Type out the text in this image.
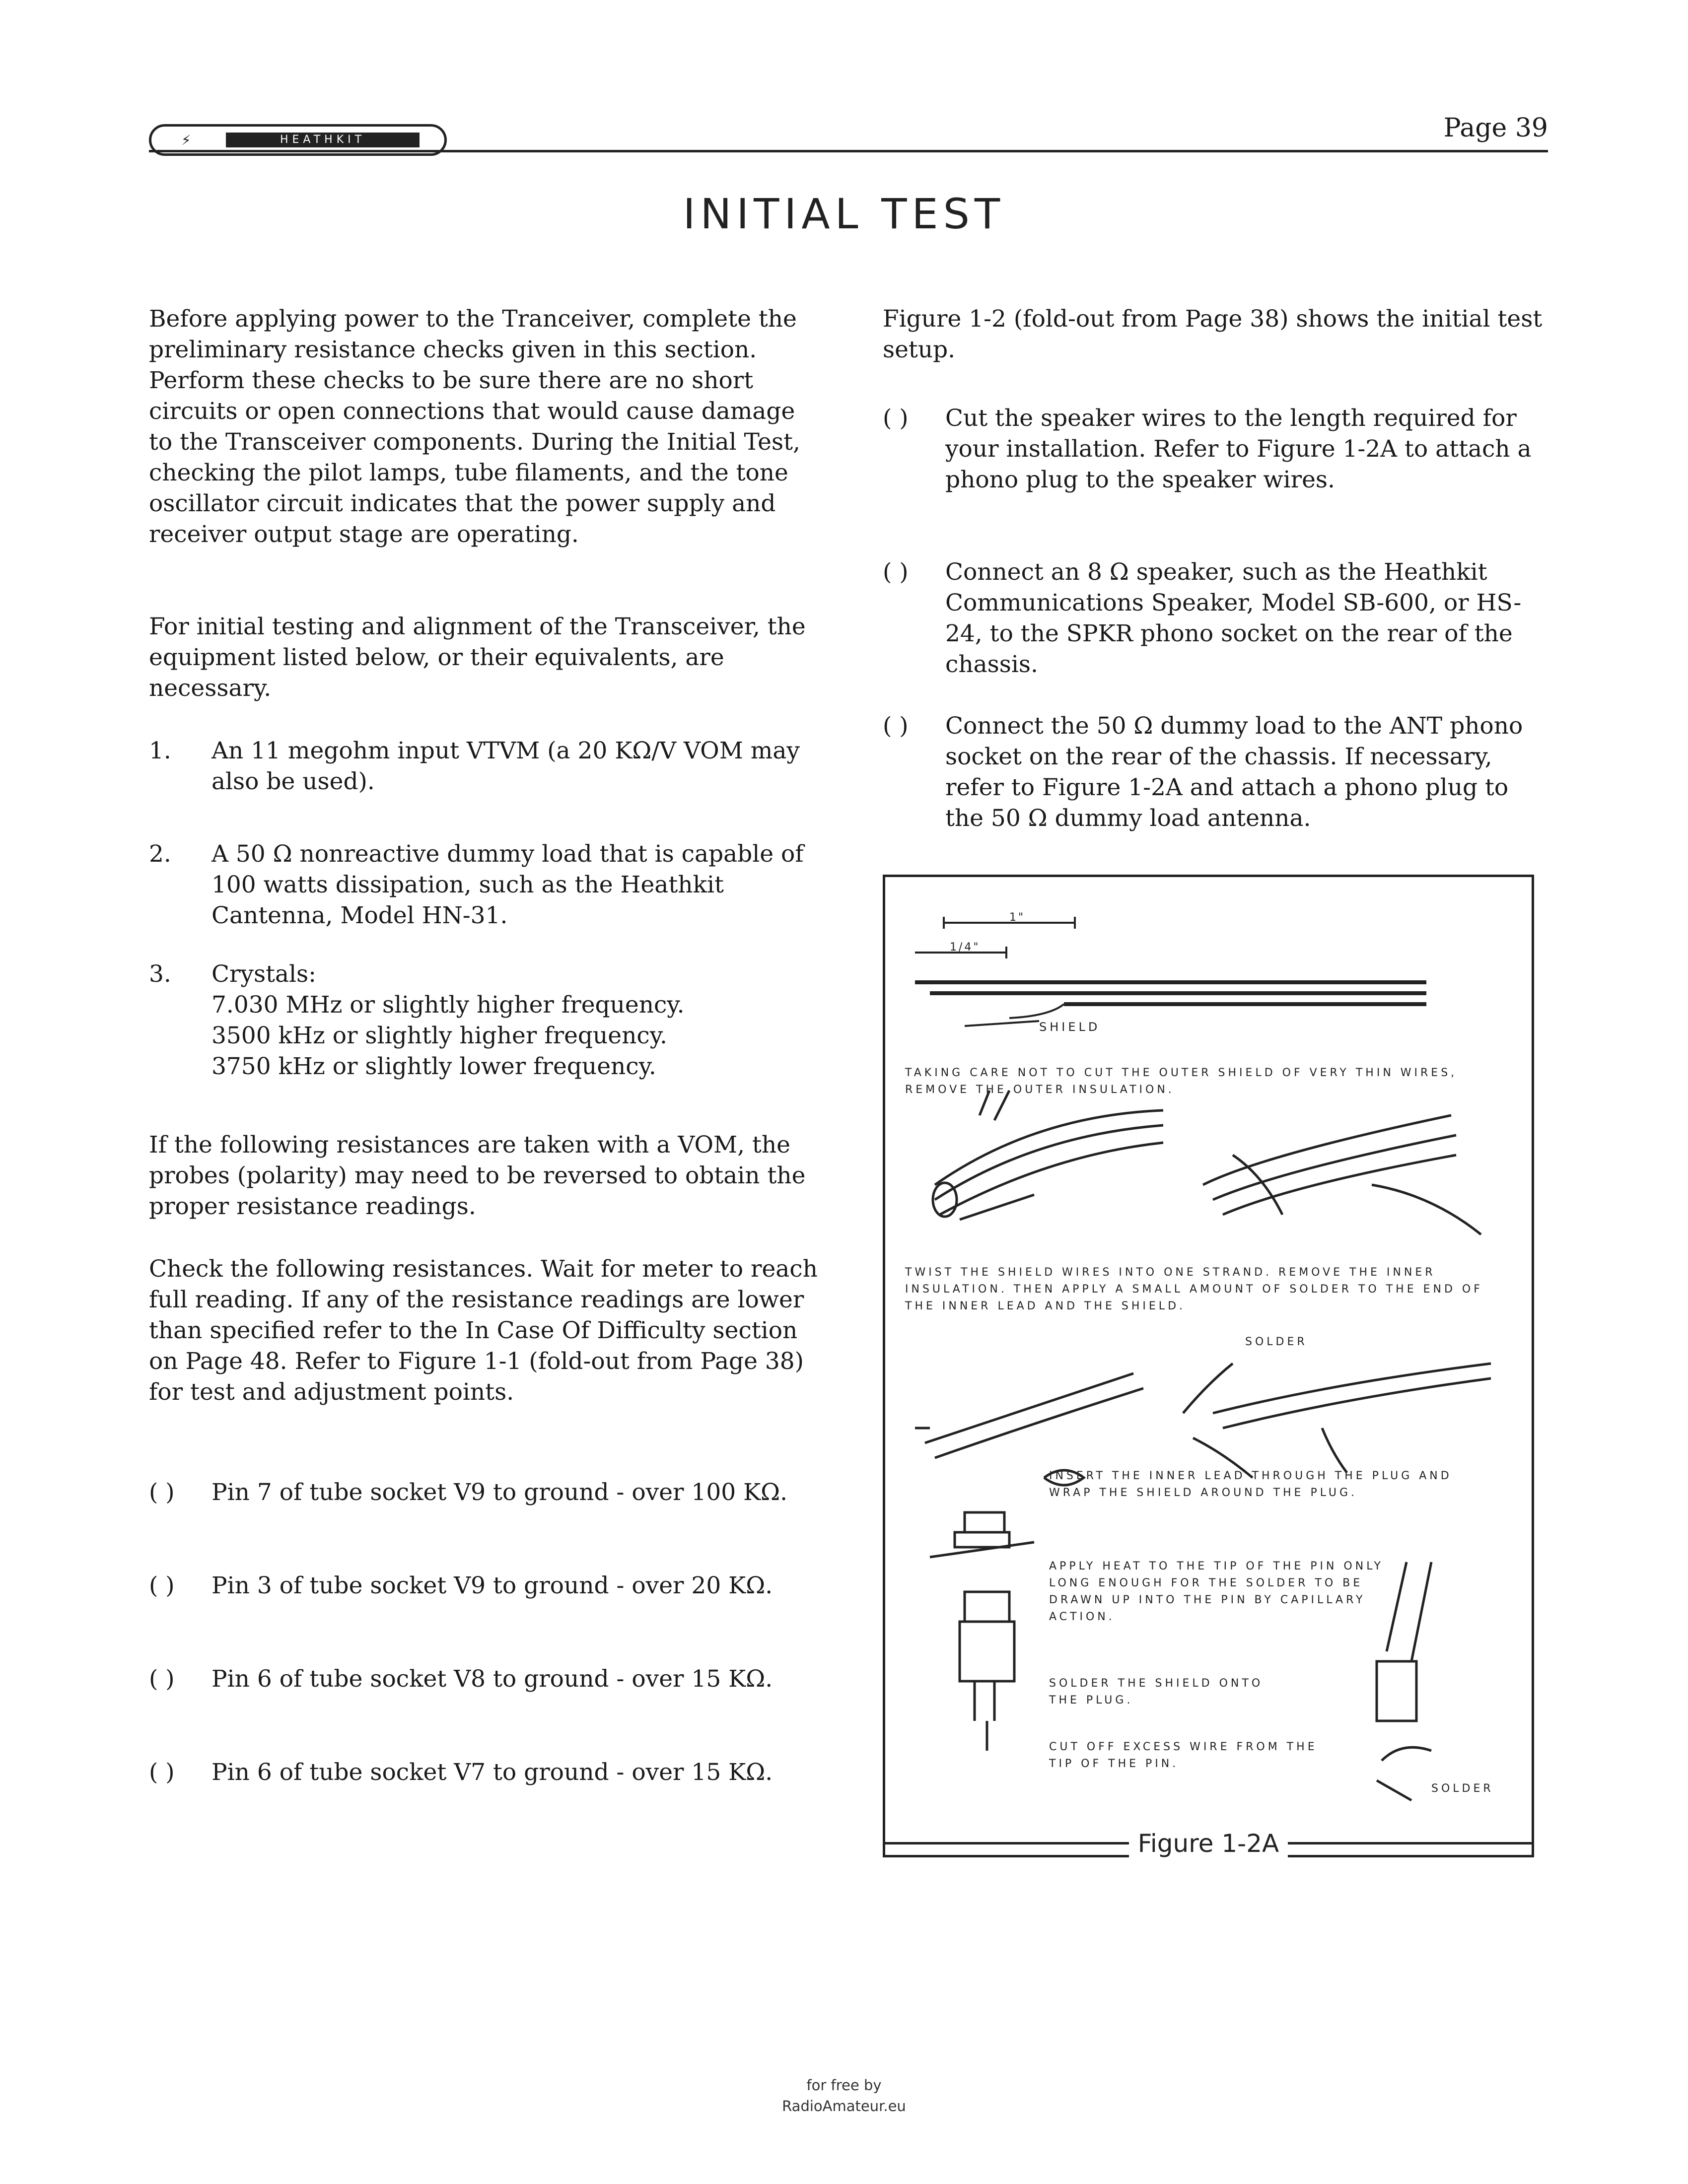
⚡	HEATHKIT	Page 39
INITIAL TEST

Before applying power to the Tranceiver, complete the preliminary resistance checks given in this section. Perform these checks to be sure there are no short circuits or open connections that would cause damage to the Transceiver components. During the Initial Test, checking the pilot lamps, tube filaments, and the tone oscillator circuit indicates that the power supply and receiver output stage are operating.

For initial testing and alignment of the Transceiver, the equipment listed below, or their equivalents, are necessary.

1. An 11 megohm input VTVM (a 20 KΩ/V VOM may also be used).
2. A 50 Ω nonreactive dummy load that is capable of 100 watts dissipation, such as the Heathkit Cantenna, Model HN-31.
3. Crystals:
7.030 MHz or slightly higher frequency.
3500 kHz or slightly higher frequency.
3750 kHz or slightly lower frequency.

If the following resistances are taken with a VOM, the probes (polarity) may need to be reversed to obtain the proper resistance readings.

Check the following resistances. Wait for meter to reach full reading. If any of the resistance readings are lower than specified refer to the In Case Of Difficulty section on Page 48. Refer to Figure 1-1 (fold-out from Page 38) for test and adjustment points.

( ) Pin 7 of tube socket V9 to ground - over 100 KΩ.
( ) Pin 3 of tube socket V9 to ground - over 20 KΩ.
( ) Pin 6 of tube socket V8 to ground - over 15 KΩ.
( ) Pin 6 of tube socket V7 to ground - over 15 KΩ.

Figure 1-2 (fold-out from Page 38) shows the initial test setup.

( ) Cut the speaker wires to the length required for your installation. Refer to Figure 1-2A to attach a phono plug to the speaker wires.
( ) Connect an 8 Ω speaker, such as the Heathkit Communications Speaker, Model SB-600, or HS-24, to the SPKR phono socket on the rear of the chassis.
( ) Connect the 50 Ω dummy load to the ANT phono socket on the rear of the chassis. If necessary, refer to Figure 1-2A and attach a phono plug to the 50 Ω dummy load antenna.
1"
1/4"
SHIELD
TAKING CARE NOT TO CUT THE OUTER SHIELD OF VERY THIN WIRES, REMOVE THE OUTER INSULATION.
TWIST THE SHIELD WIRES INTO ONE STRAND. REMOVE THE INNER INSULATION. THEN APPLY A SMALL AMOUNT OF SOLDER TO THE END OF THE INNER LEAD AND THE SHIELD.
SOLDER
INSERT THE INNER LEAD THROUGH THE PLUG AND WRAP THE SHIELD AROUND THE PLUG.
APPLY HEAT TO THE TIP OF THE PIN ONLY LONG ENOUGH FOR THE SOLDER TO BE DRAWN UP INTO THE PIN BY CAPILLARY ACTION.
SOLDER THE SHIELD ONTO THE PLUG.
CUT OFF EXCESS WIRE FROM THE TIP OF THE PIN.
SOLDER
Figure 1-2A
for free by
RadioAmateur.eu
